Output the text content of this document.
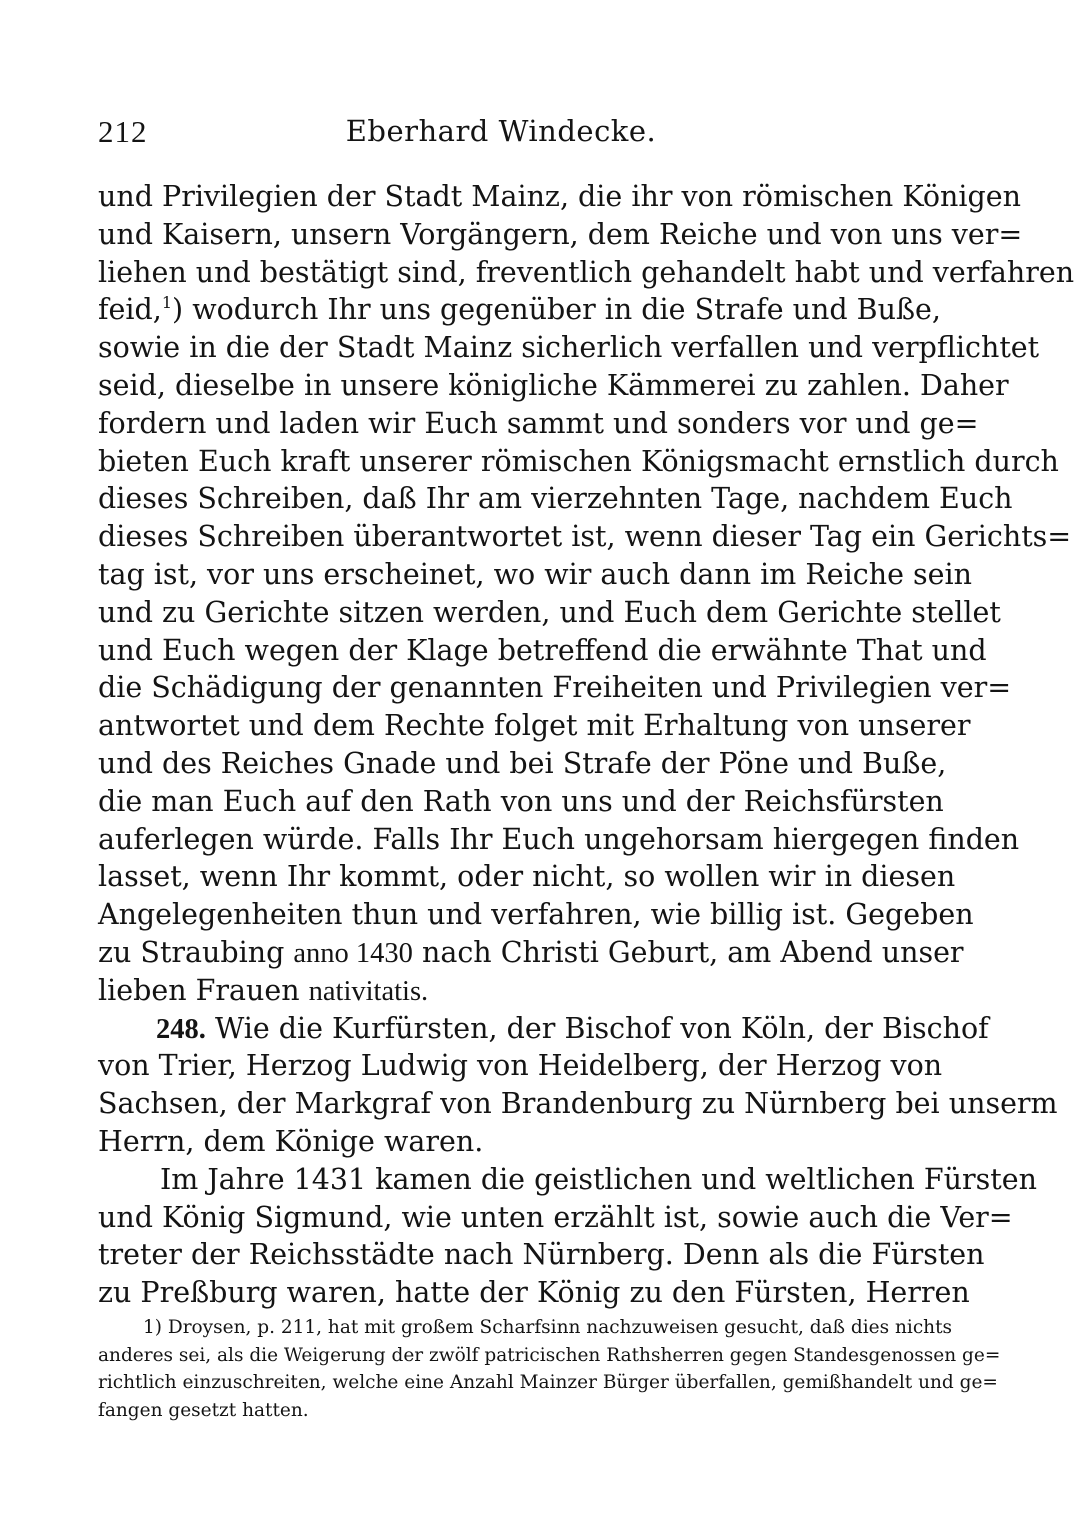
212	Eberhard Windecke.
und Privilegien der Stadt Mainz, die ihr von römischen Königen
und Kaisern, unsern Vorgängern, dem Reiche und von uns ver=
liehen und bestätigt sind, freventlich gehandelt habt und verfahren
feid,$^1$) wodurch Ihr uns gegenüber in die Strafe und Buße,
sowie in die der Stadt Mainz sicherlich verfallen und verpflichtet
seid, dieselbe in unsere königliche Kämmerei zu zahlen. Daher
fordern und laden wir Euch sammt und sonders vor und ge=
bieten Euch kraft unserer römischen Königsmacht ernstlich durch
dieses Schreiben, daß Ihr am vierzehnten Tage, nachdem Euch
dieses Schreiben überantwortet ist, wenn dieser Tag ein Gerichts=
tag ist, vor uns erscheinet, wo wir auch dann im Reiche sein
und zu Gerichte sitzen werden, und Euch dem Gerichte stellet
und Euch wegen der Klage betreffend die erwähnte That und
die Schädigung der genannten Freiheiten und Privilegien ver=
antwortet und dem Rechte folget mit Erhaltung von unserer
und des Reiches Gnade und bei Strafe der Pöne und Buße,
die man Euch auf den Rath von uns und der Reichsfürsten
auferlegen würde. Falls Ihr Euch ungehorsam hiergegen finden
lasset, wenn Ihr kommt, oder nicht, so wollen wir in diesen
Angelegenheiten thun und verfahren, wie billig ist. Gegeben
zu Straubing anno 1430 nach Christi Geburt, am Abend unser
lieben Frauen nativitatis.
248. Wie die Kurfürsten, der Bischof von Köln, der Bischof
von Trier, Herzog Ludwig von Heidelberg, der Herzog von
Sachsen, der Markgraf von Brandenburg zu Nürnberg bei unserm
Herrn, dem Könige waren.
Im Jahre 1431 kamen die geistlichen und weltlichen Fürsten
und König Sigmund, wie unten erzählt ist, sowie auch die Ver=
treter der Reichsstädte nach Nürnberg. Denn als die Fürsten
zu Preßburg waren, hatte der König zu den Fürsten, Herren
1) Droysen, p. 211, hat mit großem Scharfsinn nachzuweisen gesucht, daß dies nichts
anderes sei, als die Weigerung der zwölf patricischen Rathsherren gegen Standesgenossen ge=
richtlich einzuschreiten, welche eine Anzahl Mainzer Bürger überfallen, gemißhandelt und ge=
fangen gesetzt hatten.
